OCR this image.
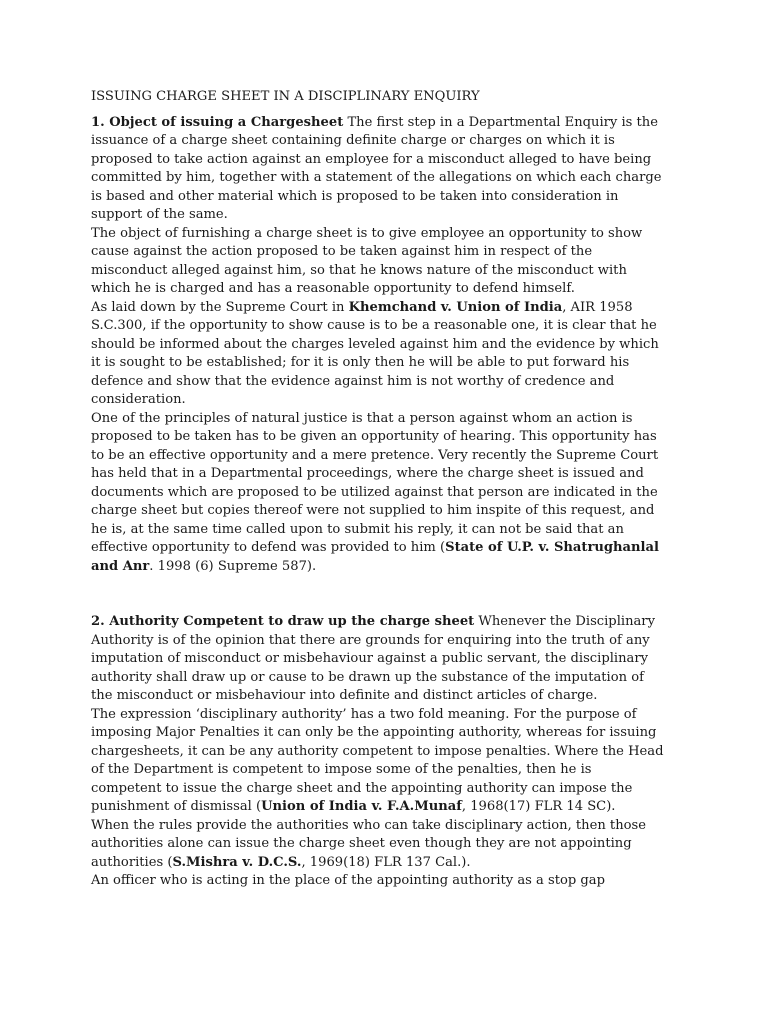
ISSUING CHARGE SHEET IN A DISCIPLINARY ENQUIRY

1. Object of issuing a Chargesheet The first step in a Departmental Enquiry is the issuance of a charge sheet containing definite charge or charges on which it is proposed to take action against an employee for a misconduct alleged to have being committed by him, together with a statement of the allegations on which each charge is based and other material which is proposed to be taken into consideration in support of the same.

The object of furnishing a charge sheet is to give employee an opportunity to show cause against the action proposed to be taken against him in respect of the misconduct alleged against him, so that he knows nature of the misconduct with which he is charged and has a reasonable opportunity to defend himself.

As laid down by the Supreme Court in Khemchand v. Union of India, AIR 1958 S.C.300, if the opportunity to show cause is to be a reasonable one, it is clear that he should be informed about the charges leveled against him and the evidence by which it is sought to be established; for it is only then he will be able to put forward his defence and show that the evidence against him is not worthy of credence and consideration.

One of the principles of natural justice is that a person against whom an action is proposed to be taken has to be given an opportunity of hearing. This opportunity has to be an effective opportunity and a mere pretence. Very recently the Supreme Court has held that in a Departmental proceedings, where the charge sheet is issued and documents which are proposed to be utilized against that person are indicated in the charge sheet but copies thereof were not supplied to him inspite of this request, and he is, at the same time called upon to submit his reply, it can not be said that an effective opportunity to defend was provided to him (State of U.P. v. Shatrughanlal and Anr. 1998 (6) Supreme 587).

2. Authority Competent to draw up the charge sheet Whenever the Disciplinary Authority is of the opinion that there are grounds for enquiring into the truth of any imputation of misconduct or misbehaviour against a public servant, the disciplinary authority shall draw up or cause to be drawn up the substance of the imputation of the misconduct or misbehaviour into definite and distinct articles of charge.

The expression ‘disciplinary authority’ has a two fold meaning. For the purpose of imposing Major Penalties it can only be the appointing authority, whereas for issuing chargesheets, it can be any authority competent to impose penalties. Where the Head of the Department is competent to impose some of the penalties, then he is competent to issue the charge sheet and the appointing authority can impose the punishment of dismissal (Union of India v. F.A.Munaf, 1968(17) FLR 14 SC).

When the rules provide the authorities who can take disciplinary action, then those authorities alone can issue the charge sheet even though they are not appointing authorities (S.Mishra v. D.C.S., 1969(18) FLR 137 Cal.).

An officer who is acting in the place of the appointing authority as a stop gap
